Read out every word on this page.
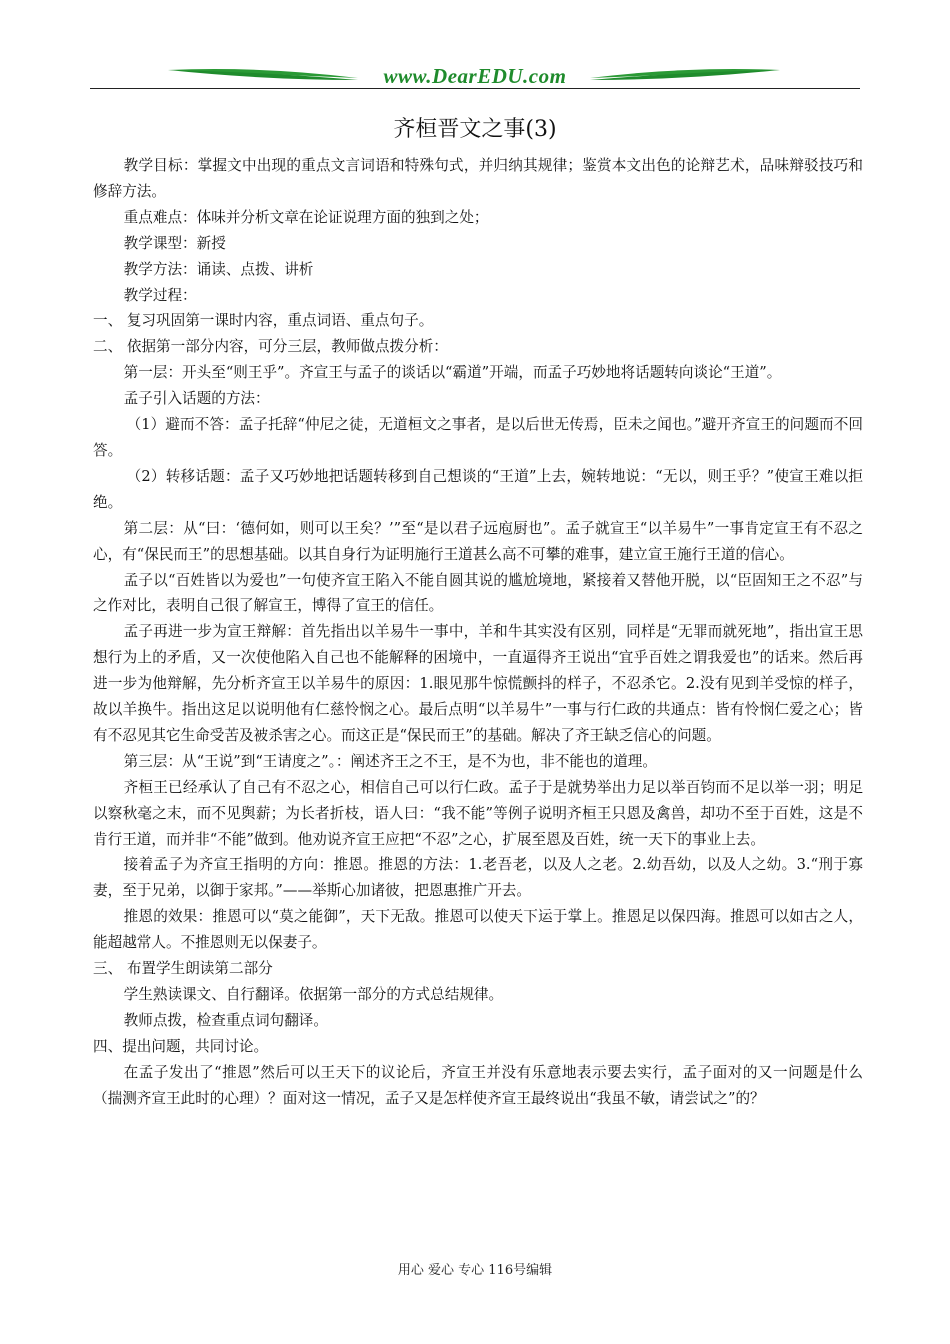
www.DearEDU.com
齐桓晋文之事(3)

教学目标：掌握文中出现的重点文言词语和特殊句式，并归纳其规律；鉴赏本文出色的论辩艺术，品味辩驳技巧和修辞方法。

重点难点：体味并分析文章在论证说理方面的独到之处；

教学课型：新授

教学方法：诵读、点拨、讲析

教学过程：

一、 复习巩固第一课时内容，重点词语、重点句子。

二、 依据第一部分内容，可分三层，教师做点拨分析：

第一层：开头至“则王乎”。齐宣王与孟子的谈话以“霸道”开端，而孟子巧妙地将话题转向谈论“王道”。

孟子引入话题的方法：

（1）避而不答：孟子托辞“仲尼之徒，无道桓文之事者，是以后世无传焉，臣未之闻也。”避开齐宣王的问题而不回答。

（2）转移话题：孟子又巧妙地把话题转移到自己想谈的“王道”上去，婉转地说：“无以，则王乎？”使宣王难以拒绝。

第二层：从“曰：‘德何如，则可以王矣？’”至“是以君子远庖厨也”。孟子就宣王“以羊易牛”一事肯定宣王有不忍之心，有“保民而王”的思想基础。以其自身行为证明施行王道甚么高不可攀的难事，建立宣王施行王道的信心。

孟子以“百姓皆以为爱也”一句使齐宣王陷入不能自圆其说的尴尬境地，紧接着又替他开脱，以“臣固知王之不忍”与之作对比，表明自己很了解宣王，博得了宣王的信任。

孟子再进一步为宣王辩解：首先指出以羊易牛一事中，羊和牛其实没有区别，同样是“无罪而就死地”，指出宣王思想行为上的矛盾，又一次使他陷入自己也不能解释的困境中，一直逼得齐王说出“宜乎百姓之谓我爱也”的话来。然后再进一步为他辩解，先分析齐宣王以羊易牛的原因：1.眼见那牛惊慌颤抖的样子，不忍杀它。2.没有见到羊受惊的样子，故以羊换牛。指出这足以说明他有仁慈怜悯之心。最后点明“以羊易牛”一事与行仁政的共通点：皆有怜悯仁爱之心；皆有不忍见其它生命受苦及被杀害之心。而这正是“保民而王”的基础。解决了齐王缺乏信心的问题。

第三层：从“王说”到“王请度之”。：阐述齐王之不王，是不为也，非不能也的道理。

齐桓王已经承认了自己有不忍之心，相信自己可以行仁政。孟子于是就势举出力足以举百钧而不足以举一羽；明足以察秋毫之末，而不见舆薪；为长者折枝，语人曰：“我不能”等例子说明齐桓王只恩及禽兽，却功不至于百姓，这是不肯行王道，而并非“不能”做到。他劝说齐宣王应把“不忍”之心，扩展至恩及百姓，统一天下的事业上去。

接着孟子为齐宣王指明的方向：推恩。推恩的方法：1.老吾老，以及人之老。2.幼吾幼，以及人之幼。3.“刑于寡妻，至于兄弟，以御于家邦。”——举斯心加诸彼，把恩惠推广开去。

推恩的效果：推恩可以“莫之能御”，天下无敌。推恩可以使天下运于掌上。推恩足以保四海。推恩可以如古之人，能超越常人。不推恩则无以保妻子。

三、 布置学生朗读第二部分

学生熟读课文、自行翻译。依据第一部分的方式总结规律。

教师点拨，检查重点词句翻译。

四、提出问题，共同讨论。

在孟子发出了“推恩”然后可以王天下的议论后，齐宣王并没有乐意地表示要去实行，孟子面对的又一问题是什么（揣测齐宣王此时的心理）？面对这一情况，孟子又是怎样使齐宣王最终说出“我虽不敏，请尝试之”的？

用心 爱心 专心 116号编辑
